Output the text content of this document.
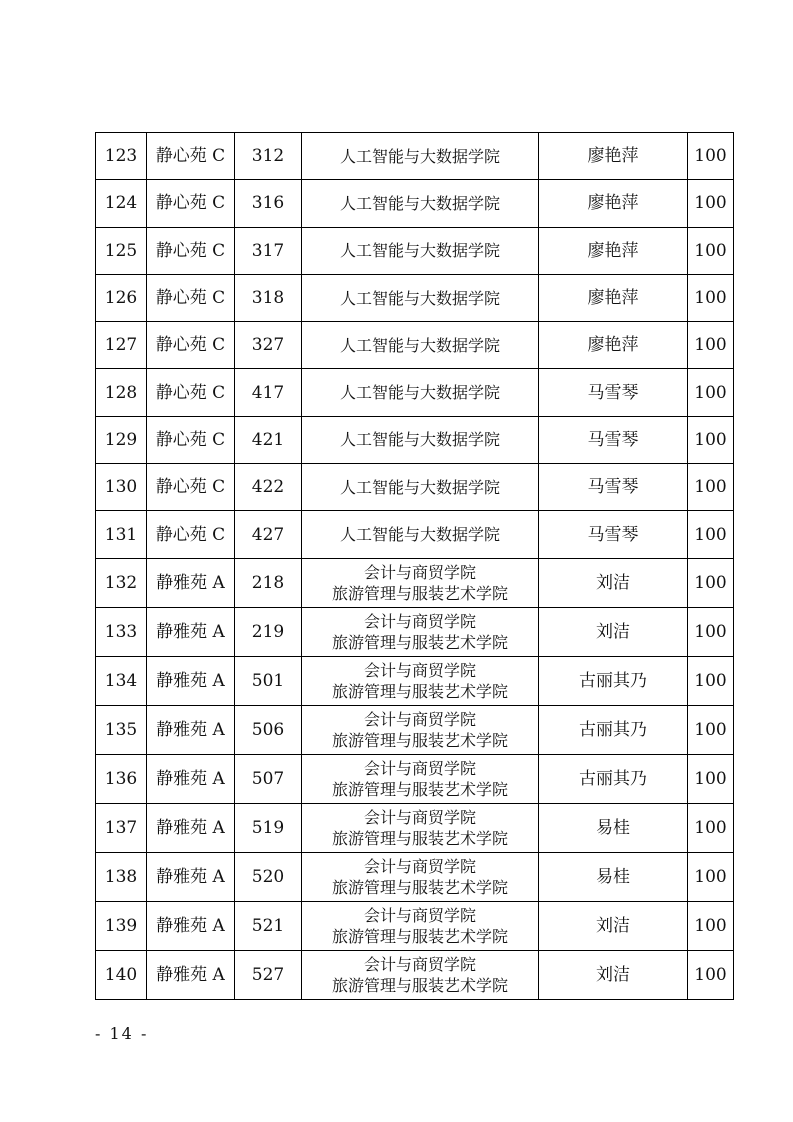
123	静心苑 C	312	人工智能与大数据学院	廖艳萍	100
124	静心苑 C	316	人工智能与大数据学院	廖艳萍	100
125	静心苑 C	317	人工智能与大数据学院	廖艳萍	100
126	静心苑 C	318	人工智能与大数据学院	廖艳萍	100
127	静心苑 C	327	人工智能与大数据学院	廖艳萍	100
128	静心苑 C	417	人工智能与大数据学院	马雪琴	100
129	静心苑 C	421	人工智能与大数据学院	马雪琴	100
130	静心苑 C	422	人工智能与大数据学院	马雪琴	100
131	静心苑 C	427	人工智能与大数据学院	马雪琴	100
132	静雅苑 A	218	会计与商贸学院
旅游管理与服装艺术学院	刘洁	100
133	静雅苑 A	219	会计与商贸学院
旅游管理与服装艺术学院	刘洁	100
134	静雅苑 A	501	会计与商贸学院
旅游管理与服装艺术学院	古丽其乃	100
135	静雅苑 A	506	会计与商贸学院
旅游管理与服装艺术学院	古丽其乃	100
136	静雅苑 A	507	会计与商贸学院
旅游管理与服装艺术学院	古丽其乃	100
137	静雅苑 A	519	会计与商贸学院
旅游管理与服装艺术学院	易桂	100
138	静雅苑 A	520	会计与商贸学院
旅游管理与服装艺术学院	易桂	100
139	静雅苑 A	521	会计与商贸学院
旅游管理与服装艺术学院	刘洁	100
140	静雅苑 A	527	会计与商贸学院
旅游管理与服装艺术学院	刘洁	100
- 14 -
